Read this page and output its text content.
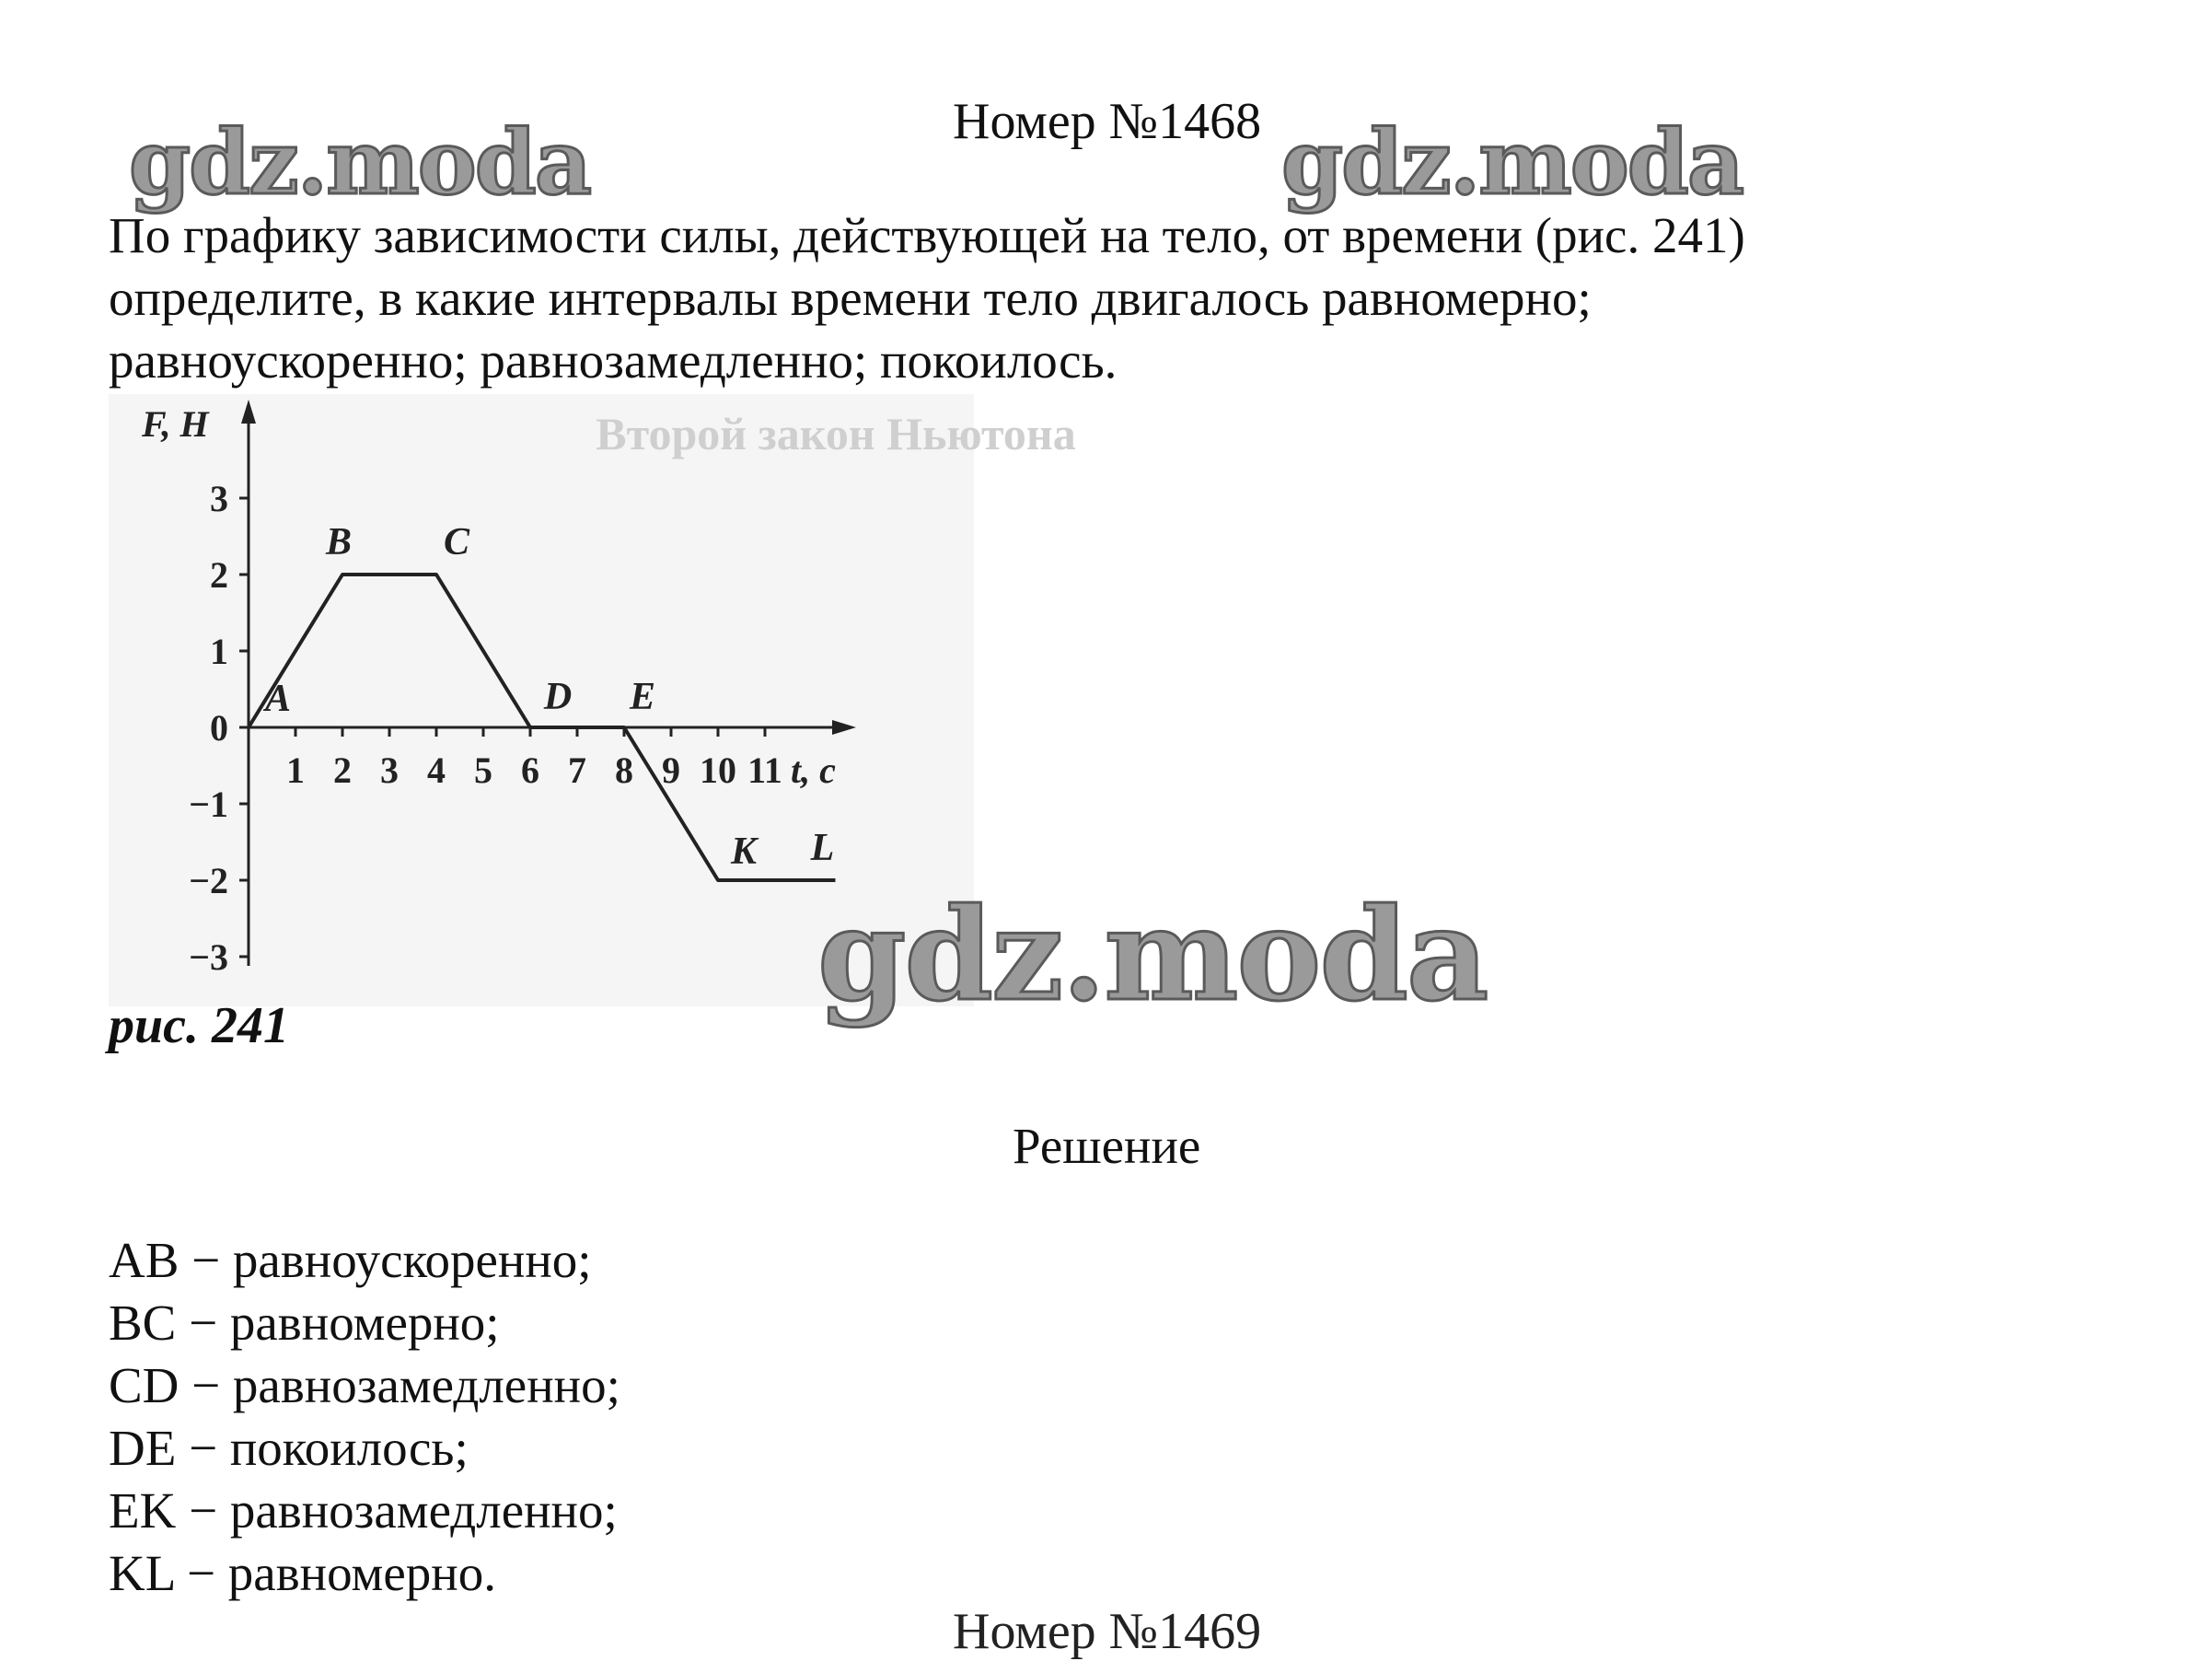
Номер №1468
gdz.moda	gdz.moda
По графику зависимости силы, действующей на тело, от времени (рис. 241)
определите, в какие интервалы времени тело двигалось равномерно;
равноускоренно; равнозамедленно; покоилось.
Второй закон Ньютона
F, H
t, c
3
2
1
0
−1
−2
−3
1 2 3 4 5 6 7 8 9 10 11
A
B C
D E
K L
gdz.moda
рис. 241
Решение
AB − равноускоренно;
BC − равномерно;
CD − равнозамедленно;
DE − покоилось;
EK − равнозамедленно;
KL − равномерно.
Номер №1469
